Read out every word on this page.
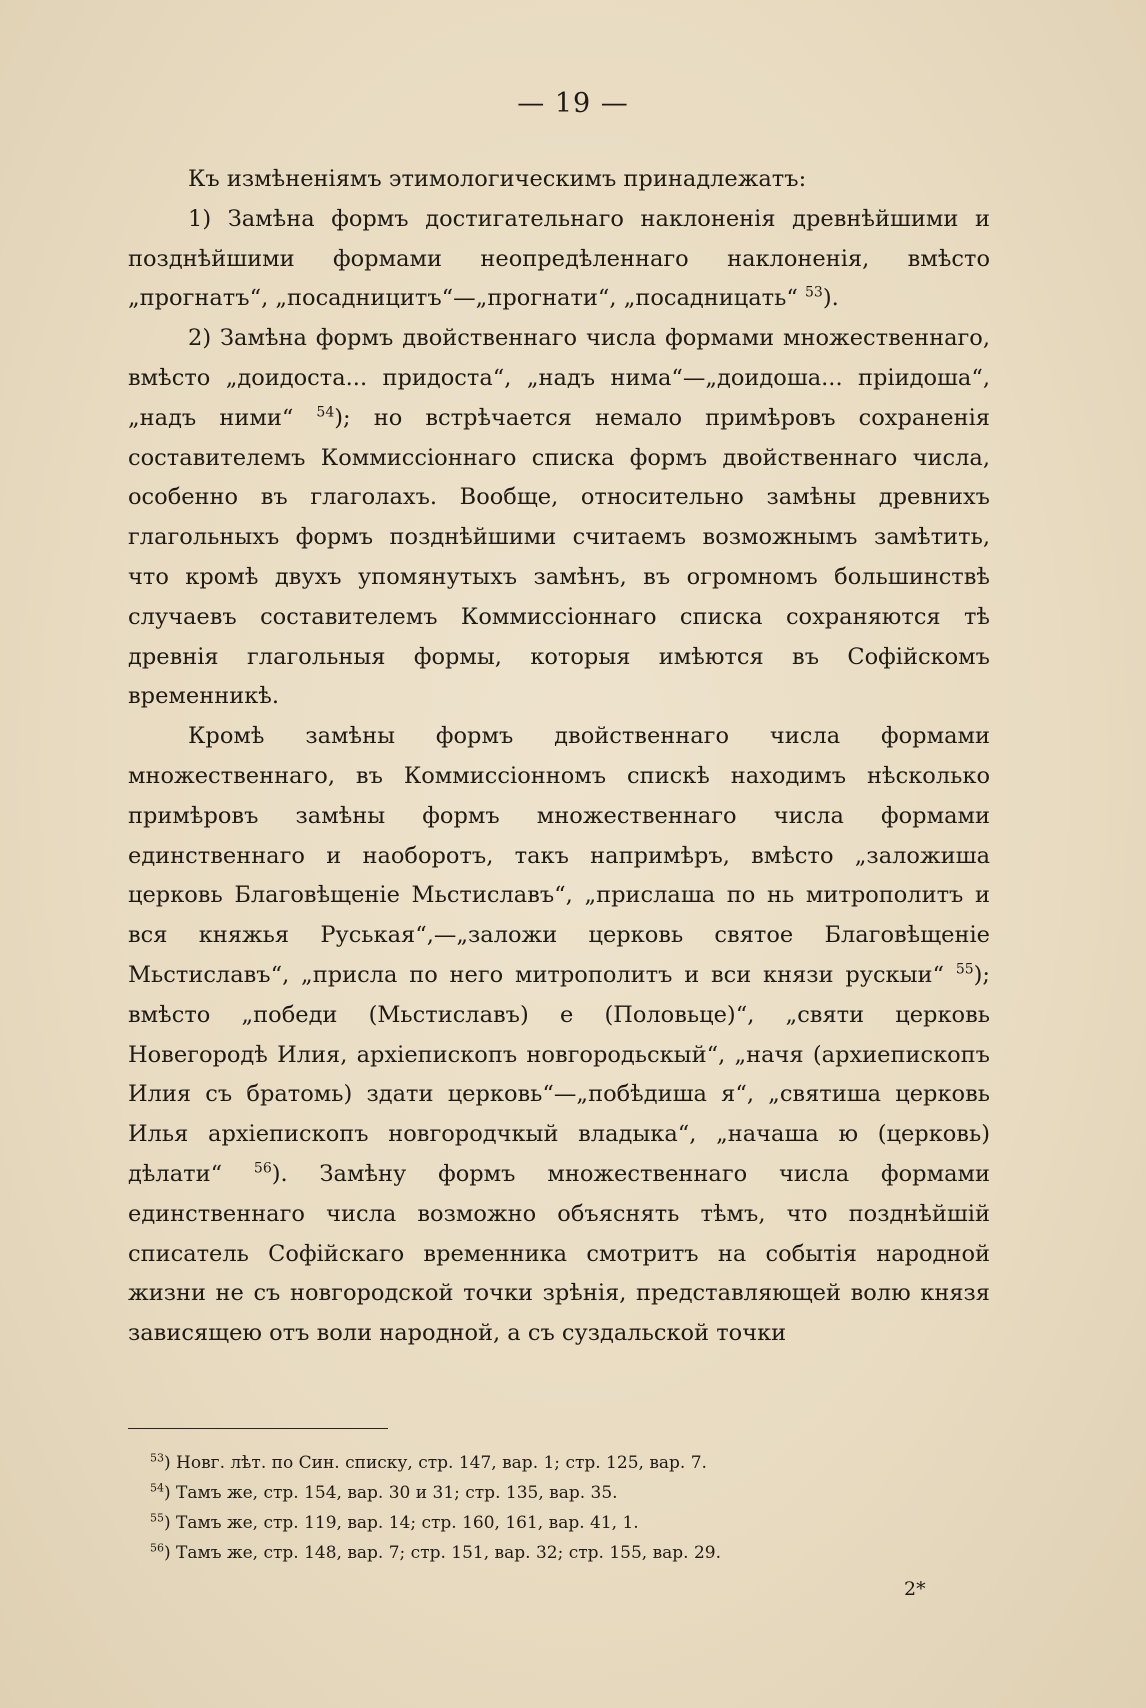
— 19 —

Къ измѣненіямъ этимологическимъ принадлежатъ:

1) Замѣна формъ достигательнаго наклоненія древнѣйшими и позднѣйшими формами неопредѣленнаго наклоненія, вмѣсто „прогнатъ“, „посадницитъ“—„прогнати“, „посадницать“ $^{53}$).

2) Замѣна формъ двойственнаго числа формами множественнаго, вмѣсто „доидоста... придоста“, „надъ нима“—„доидоша... пріидоша“, „надъ ними“ $^{54}$); но встрѣчается немало примѣровъ сохраненія составителемъ Коммиссіоннаго списка формъ двойственнаго числа, особенно въ глаголахъ. Вообще, относительно замѣны древнихъ глагольныхъ формъ позднѣйшими считаемъ возможнымъ замѣтить, что кромѣ двухъ упомянутыхъ замѣнъ, въ огромномъ большинствѣ случаевъ составителемъ Коммиссіоннаго списка сохраняются тѣ древнія глагольныя формы, которыя имѣются въ Софійскомъ временникѣ.

Кромѣ замѣны формъ двойственнаго числа формами множественнаго, въ Коммиссіонномъ спискѣ находимъ нѣсколько примѣровъ замѣны формъ множественнаго числа формами единственнаго и наоборотъ, такъ напримѣръ, вмѣсто „заложиша церковь Благовѣщеніе Мьстиславъ“, „прислаша по нь митрополитъ и вся княжья Руськая“,—„заложи церковь святое Благовѣщеніе Мьстиславъ“, „присла по него митрополитъ и вси князи рускыи“ $^{55}$); вмѣсто „победи (Мьстиславъ) е (Половьце)“, „святи церковь Новегородѣ Илия, архіепископъ новгородьскый“, „начя (архиепископъ Илия съ братомь) здати церковь“—„побѣдиша я“, „святиша церковь Илья архіепископъ новгородчкый владыка“, „начаша ю (церковь) дѣлати“ $^{56}$). Замѣну формъ множественнаго числа формами единственнаго числа возможно объяснять тѣмъ, что позднѣйшій списатель Софійскаго временника смотритъ на событія народной жизни не съ новгородской точки зрѣнія, представляющей волю князя зависящею отъ воли народной, а съ суздальской точки

$^{53}$) Новг. лѣт. по Син. списку, стр. 147, вар. 1; стр. 125, вар. 7.
$^{54}$) Тамъ же, стр. 154, вар. 30 и 31; стр. 135, вар. 35.
$^{55}$) Тамъ же, стр. 119, вар. 14; стр. 160, 161, вар. 41, 1.
$^{56}$) Тамъ же, стр. 148, вар. 7; стр. 151, вар. 32; стр. 155, вар. 29.
2*
